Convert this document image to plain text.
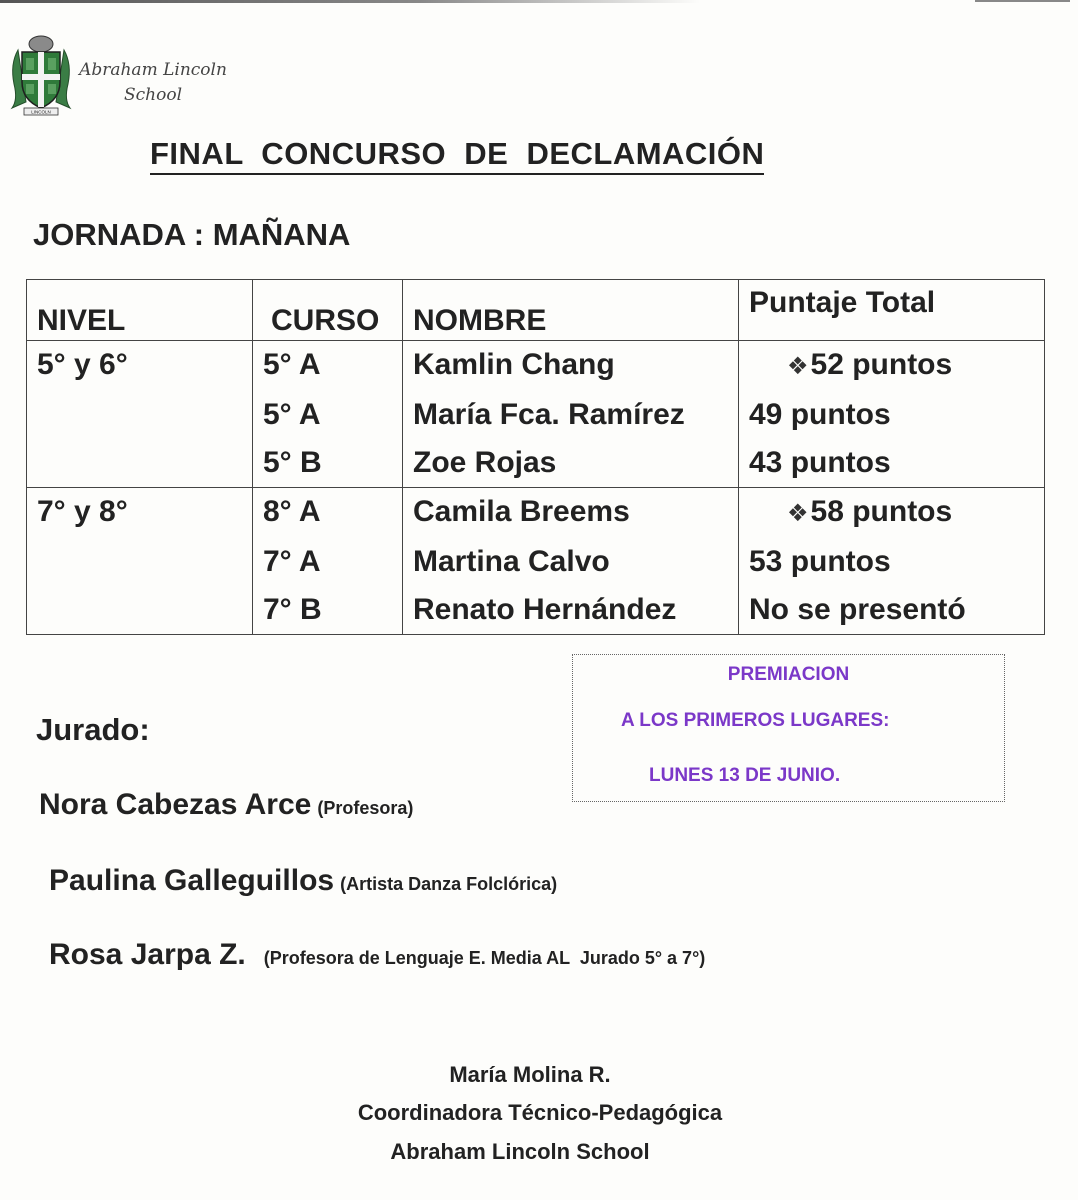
LINCOLN
Abraham Lincoln
School
FINAL CONCURSO DE DECLAMACIÓN
JORNADA : MAÑANA
NIVEL	CURSO	NOMBRE	Puntaje Total
5° y 6°	5° A	Kamlin Chang	❖52 puntos
	5° A	María Fca. Ramírez	49 puntos
	5° B	Zoe Rojas	43 puntos
7° y 8°	8° A	Camila Breems	❖58 puntos
	7° A	Martina Calvo	53 puntos
	7° B	Renato Hernández	No se presentó
PREMIACION
A LOS PRIMEROS LUGARES:
LUNES 13 DE JUNIO.
Jurado:
Nora Cabezas Arce (Profesora)
Paulina Galleguillos (Artista Danza Folclórica)
Rosa Jarpa Z. (Profesora de Lenguaje E. Media AL  Jurado 5° a 7°)
María Molina R.
Coordinadora Técnico-Pedagógica
Abraham Lincoln School
